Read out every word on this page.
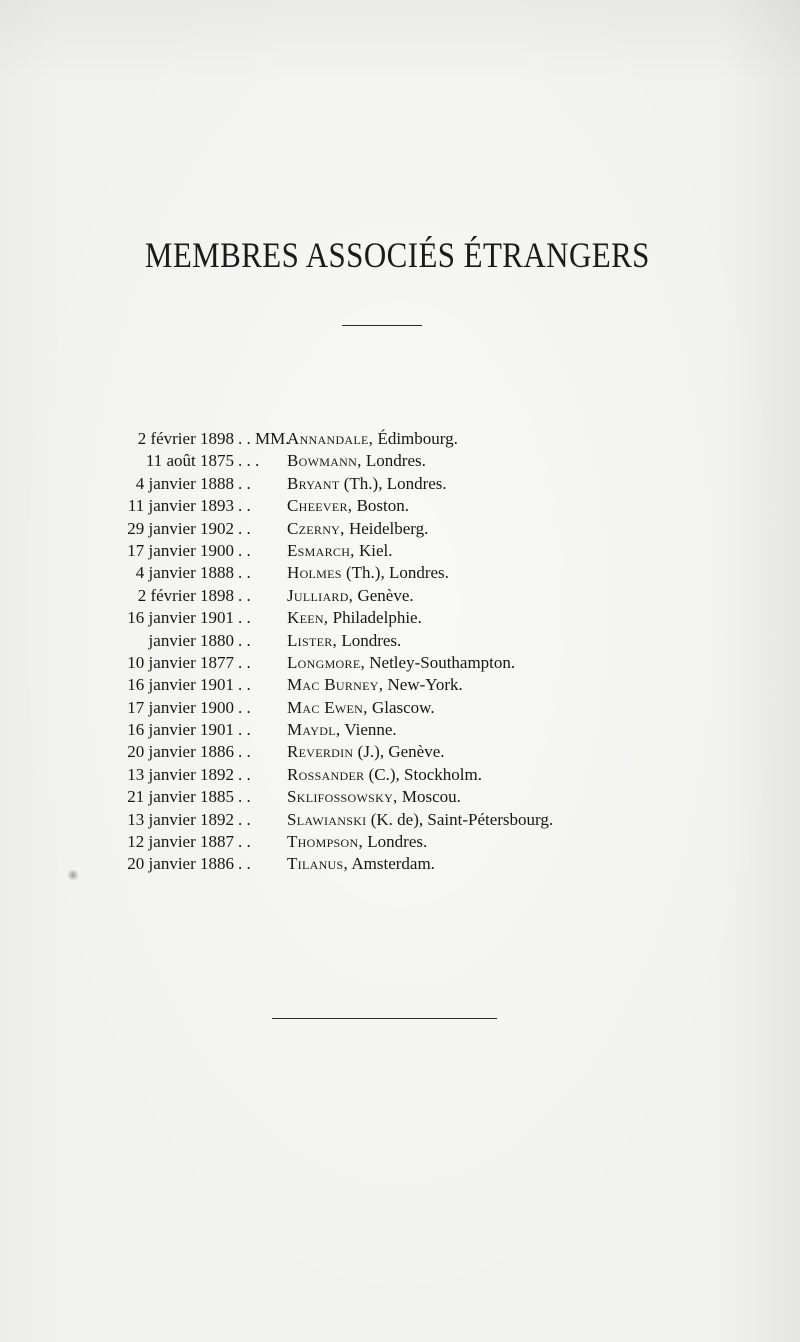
MEMBRES ASSOCIÉS ÉTRANGERS
2 février 1898 . . MM.
Annandale, Édimbourg.
11 août 1875 . . . Bowmann, Londres.
4 janvier 1888 . . Bryant (Th.), Londres.
11 janvier 1893 . . Cheever, Boston.
29 janvier 1902 . . Czerny, Heidelberg.
17 janvier 1900 . . Esmarch, Kiel.
4 janvier 1888 . . Holmes (Th.), Londres.
2 février 1898 . . Julliard, Genève.
16 janvier 1901 . . Keen, Philadelphie.
janvier 1880 . . Lister, Londres.
10 janvier 1877 . . Longmore, Netley-Southampton.
16 janvier 1901 . . Mac Burney, New-York.
17 janvier 1900 . . Mac Ewen, Glascow.
16 janvier 1901 . . Maydl, Vienne.
20 janvier 1886 . . Reverdin (J.), Genève.
13 janvier 1892 . . Rossander (C.), Stockholm.
21 janvier 1885 . . Sklifossowsky, Moscou.
13 janvier 1892 . . Slawianski (K. de), Saint-Pétersbourg.
12 janvier 1887 . . Thompson, Londres.
20 janvier 1886 . . Tilanus, Amsterdam.
